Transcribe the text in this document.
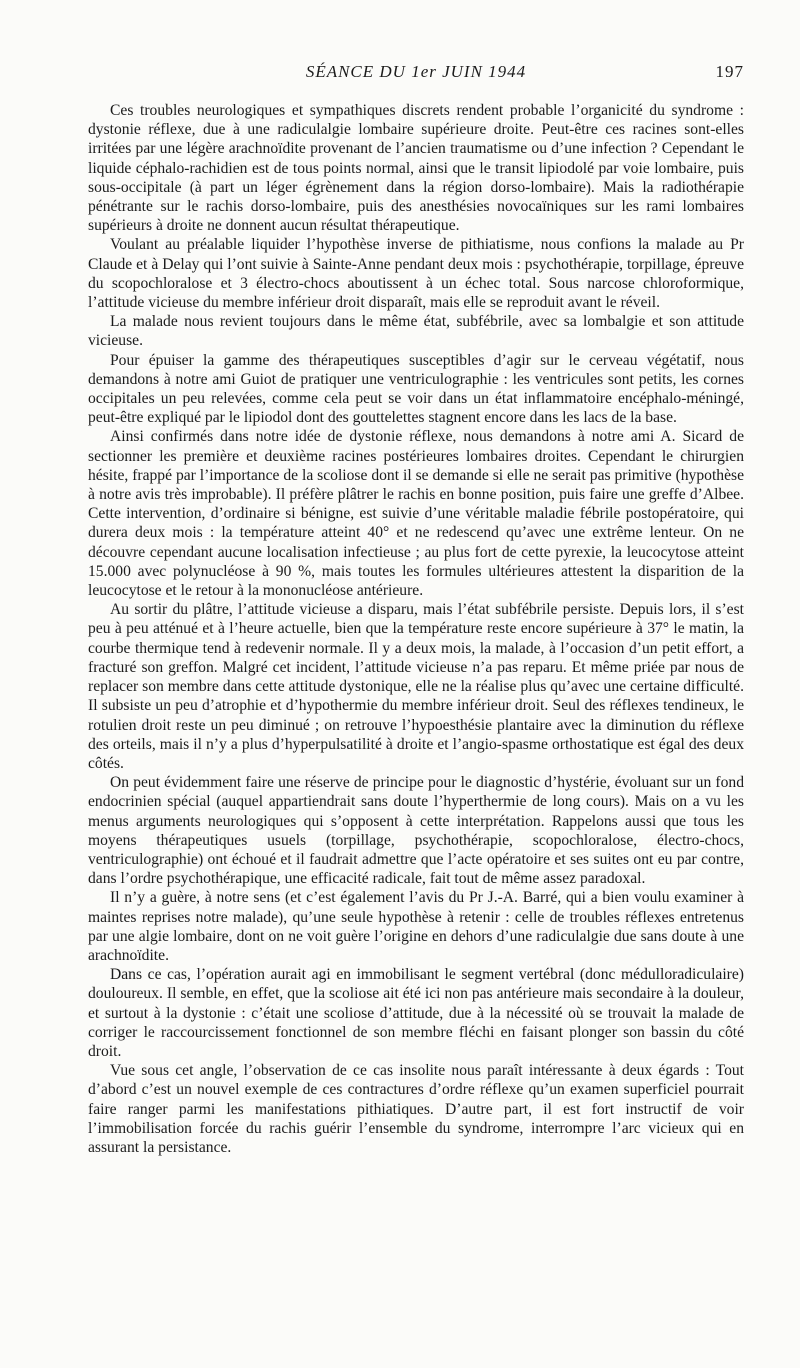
SÉANCE DU 1er JUIN 1944	197

Ces troubles neurologiques et sympathiques discrets rendent probable l’organicité du syndrome : dystonie réflexe, due à une radiculalgie lombaire supérieure droite. Peut-être ces racines sont-elles irritées par une légère arachnoïdite provenant de l’ancien traumatisme ou d’une infection ? Cependant le liquide céphalo-rachidien est de tous points normal, ainsi que le transit lipiodolé par voie lombaire, puis sous-occipitale (à part un léger égrènement dans la région dorso-lombaire). Mais la radiothérapie pénétrante sur le rachis dorso-lombaire, puis des anesthésies novocaïniques sur les rami lombaires supérieurs à droite ne donnent aucun résultat thérapeutique.

Voulant au préalable liquider l’hypothèse inverse de pithiatisme, nous confions la malade au Pr Claude et à Delay qui l’ont suivie à Sainte-Anne pendant deux mois : psychothérapie, torpillage, épreuve du scopochloralose et 3 électro-chocs aboutissent à un échec total. Sous narcose chloroformique, l’attitude vicieuse du membre inférieur droit disparaît, mais elle se reproduit avant le réveil.

La malade nous revient toujours dans le même état, subfébrile, avec sa lombalgie et son attitude vicieuse.

Pour épuiser la gamme des thérapeutiques susceptibles d’agir sur le cerveau végétatif, nous demandons à notre ami Guiot de pratiquer une ventriculographie : les ventricules sont petits, les cornes occipitales un peu relevées, comme cela peut se voir dans un état inflammatoire encéphalo-méningé, peut-être expliqué par le lipiodol dont des gouttelettes stagnent encore dans les lacs de la base.

Ainsi confirmés dans notre idée de dystonie réflexe, nous demandons à notre ami A. Sicard de sectionner les première et deuxième racines postérieures lombaires droites. Cependant le chirurgien hésite, frappé par l’importance de la scoliose dont il se demande si elle ne serait pas primitive (hypothèse à notre avis très improbable). Il préfère plâtrer le rachis en bonne position, puis faire une greffe d’Albee. Cette intervention, d’ordinaire si bénigne, est suivie d’une véritable maladie fébrile postopératoire, qui durera deux mois : la température atteint 40° et ne redescend qu’avec une extrême lenteur. On ne découvre cependant aucune localisation infectieuse ; au plus fort de cette pyrexie, la leucocytose atteint 15.000 avec polynucléose à 90 %, mais toutes les formules ultérieures attestent la disparition de la leucocytose et le retour à la mononucléose antérieure.

Au sortir du plâtre, l’attitude vicieuse a disparu, mais l’état subfébrile persiste. Depuis lors, il s’est peu à peu atténué et à l’heure actuelle, bien que la température reste encore supérieure à 37° le matin, la courbe thermique tend à redevenir normale. Il y a deux mois, la malade, à l’occasion d’un petit effort, a fracturé son greffon. Malgré cet incident, l’attitude vicieuse n’a pas reparu. Et même priée par nous de replacer son membre dans cette attitude dystonique, elle ne la réalise plus qu’avec une certaine difficulté. Il subsiste un peu d’atrophie et d’hypothermie du membre inférieur droit. Seul des réflexes tendineux, le rotulien droit reste un peu diminué ; on retrouve l’hypoesthésie plantaire avec la diminution du réflexe des orteils, mais il n’y a plus d’hyperpulsatilité à droite et l’angio-spasme orthostatique est égal des deux côtés.

On peut évidemment faire une réserve de principe pour le diagnostic d’hystérie, évoluant sur un fond endocrinien spécial (auquel appartiendrait sans doute l’hyperthermie de long cours). Mais on a vu les menus arguments neurologiques qui s’opposent à cette interprétation. Rappelons aussi que tous les moyens thérapeutiques usuels (torpillage, psychothérapie, scopochloralose, électro-chocs, ventriculographie) ont échoué et il faudrait admettre que l’acte opératoire et ses suites ont eu par contre, dans l’ordre psychothérapique, une efficacité radicale, fait tout de même assez paradoxal.

Il n’y a guère, à notre sens (et c’est également l’avis du Pr J.-A. Barré, qui a bien voulu examiner à maintes reprises notre malade), qu’une seule hypothèse à retenir : celle de troubles réflexes entretenus par une algie lombaire, dont on ne voit guère l’origine en dehors d’une radiculalgie due sans doute à une arachnoïdite.

Dans ce cas, l’opération aurait agi en immobilisant le segment vertébral (donc médulloradiculaire) douloureux. Il semble, en effet, que la scoliose ait été ici non pas antérieure mais secondaire à la douleur, et surtout à la dystonie : c’était une scoliose d’attitude, due à la nécessité où se trouvait la malade de corriger le raccourcissement fonctionnel de son membre fléchi en faisant plonger son bassin du côté droit.

Vue sous cet angle, l’observation de ce cas insolite nous paraît intéressante à deux égards : Tout d’abord c’est un nouvel exemple de ces contractures d’ordre réflexe qu’un examen superficiel pourrait faire ranger parmi les manifestations pithiatiques. D’autre part, il est fort instructif de voir l’immobilisation forcée du rachis guérir l’ensemble du syndrome, interrompre l’arc vicieux qui en assurant la persistance.
